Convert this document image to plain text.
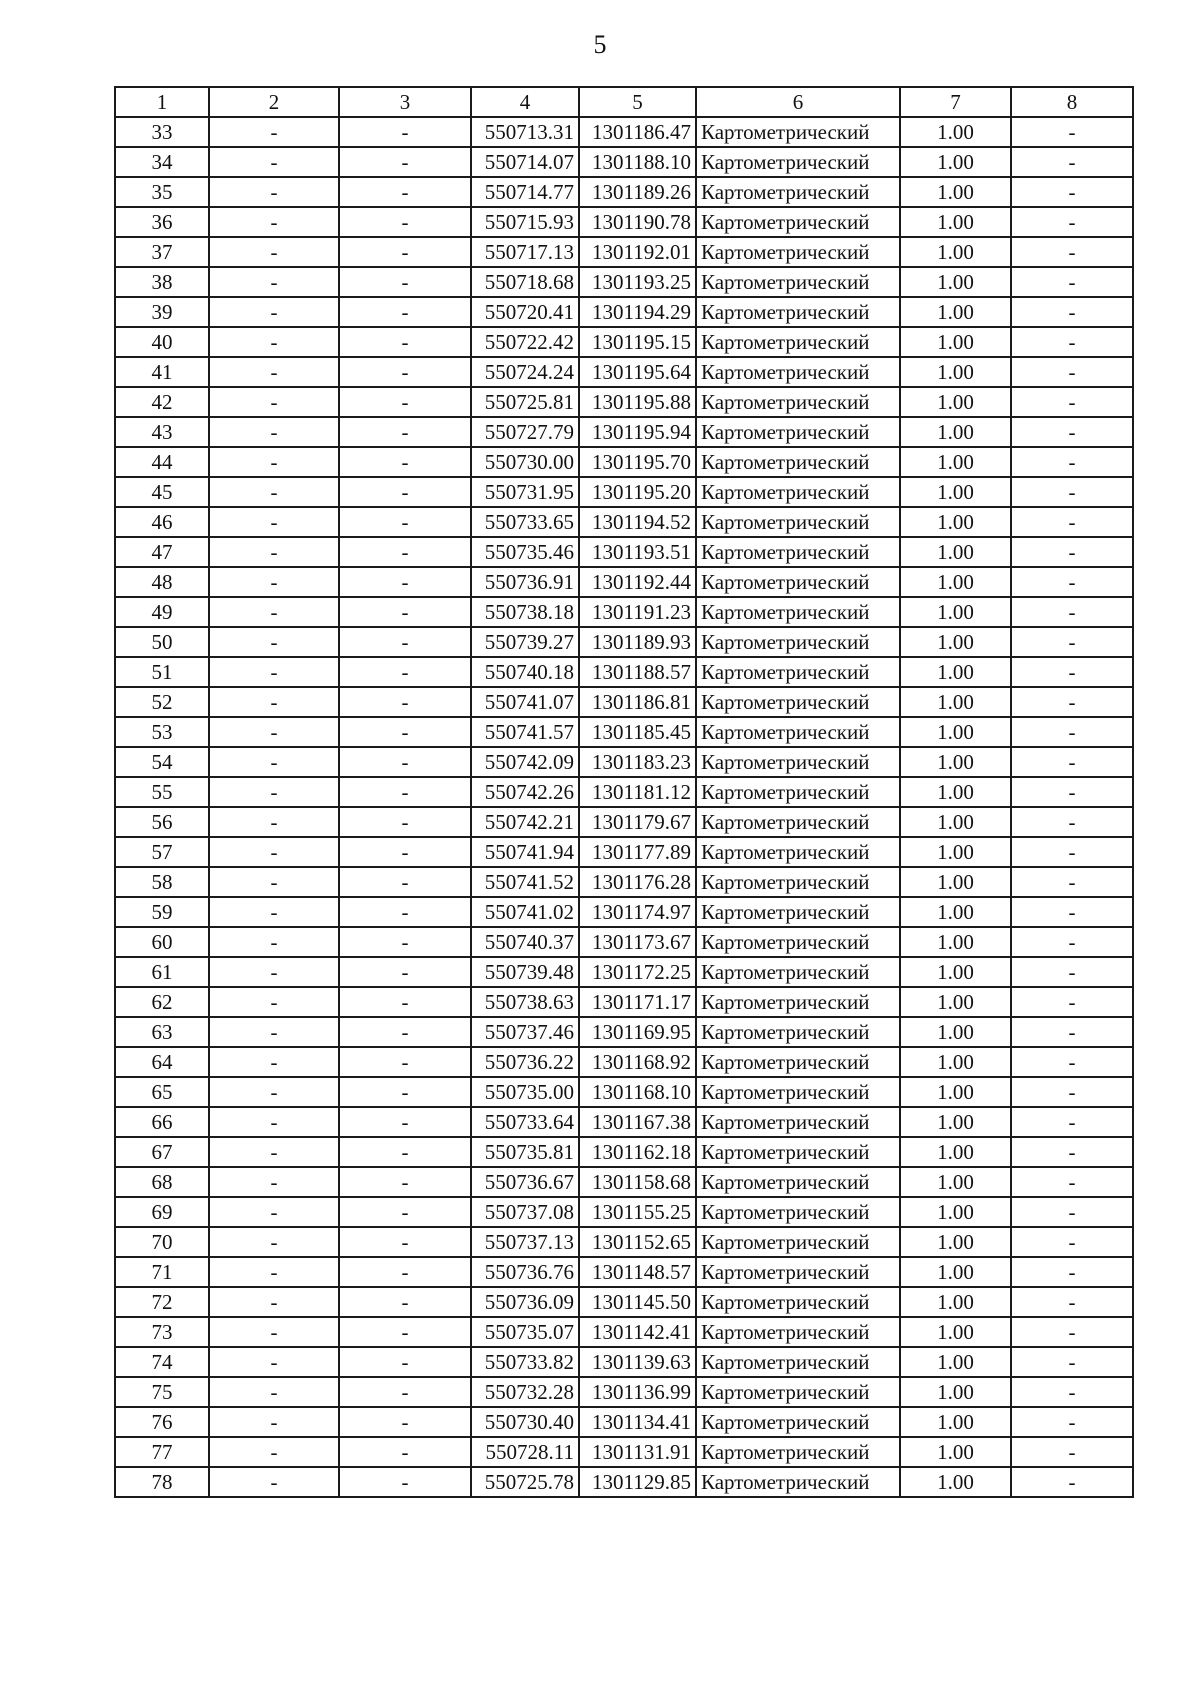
5
1	2	3	4	5	6	7	8
33	-	-	550713.31	1301186.47	Картометрический	1.00	-
34	-	-	550714.07	1301188.10	Картометрический	1.00	-
35	-	-	550714.77	1301189.26	Картометрический	1.00	-
36	-	-	550715.93	1301190.78	Картометрический	1.00	-
37	-	-	550717.13	1301192.01	Картометрический	1.00	-
38	-	-	550718.68	1301193.25	Картометрический	1.00	-
39	-	-	550720.41	1301194.29	Картометрический	1.00	-
40	-	-	550722.42	1301195.15	Картометрический	1.00	-
41	-	-	550724.24	1301195.64	Картометрический	1.00	-
42	-	-	550725.81	1301195.88	Картометрический	1.00	-
43	-	-	550727.79	1301195.94	Картометрический	1.00	-
44	-	-	550730.00	1301195.70	Картометрический	1.00	-
45	-	-	550731.95	1301195.20	Картометрический	1.00	-
46	-	-	550733.65	1301194.52	Картометрический	1.00	-
47	-	-	550735.46	1301193.51	Картометрический	1.00	-
48	-	-	550736.91	1301192.44	Картометрический	1.00	-
49	-	-	550738.18	1301191.23	Картометрический	1.00	-
50	-	-	550739.27	1301189.93	Картометрический	1.00	-
51	-	-	550740.18	1301188.57	Картометрический	1.00	-
52	-	-	550741.07	1301186.81	Картометрический	1.00	-
53	-	-	550741.57	1301185.45	Картометрический	1.00	-
54	-	-	550742.09	1301183.23	Картометрический	1.00	-
55	-	-	550742.26	1301181.12	Картометрический	1.00	-
56	-	-	550742.21	1301179.67	Картометрический	1.00	-
57	-	-	550741.94	1301177.89	Картометрический	1.00	-
58	-	-	550741.52	1301176.28	Картометрический	1.00	-
59	-	-	550741.02	1301174.97	Картометрический	1.00	-
60	-	-	550740.37	1301173.67	Картометрический	1.00	-
61	-	-	550739.48	1301172.25	Картометрический	1.00	-
62	-	-	550738.63	1301171.17	Картометрический	1.00	-
63	-	-	550737.46	1301169.95	Картометрический	1.00	-
64	-	-	550736.22	1301168.92	Картометрический	1.00	-
65	-	-	550735.00	1301168.10	Картометрический	1.00	-
66	-	-	550733.64	1301167.38	Картометрический	1.00	-
67	-	-	550735.81	1301162.18	Картометрический	1.00	-
68	-	-	550736.67	1301158.68	Картометрический	1.00	-
69	-	-	550737.08	1301155.25	Картометрический	1.00	-
70	-	-	550737.13	1301152.65	Картометрический	1.00	-
71	-	-	550736.76	1301148.57	Картометрический	1.00	-
72	-	-	550736.09	1301145.50	Картометрический	1.00	-
73	-	-	550735.07	1301142.41	Картометрический	1.00	-
74	-	-	550733.82	1301139.63	Картометрический	1.00	-
75	-	-	550732.28	1301136.99	Картометрический	1.00	-
76	-	-	550730.40	1301134.41	Картометрический	1.00	-
77	-	-	550728.11	1301131.91	Картометрический	1.00	-
78	-	-	550725.78	1301129.85	Картометрический	1.00	-
